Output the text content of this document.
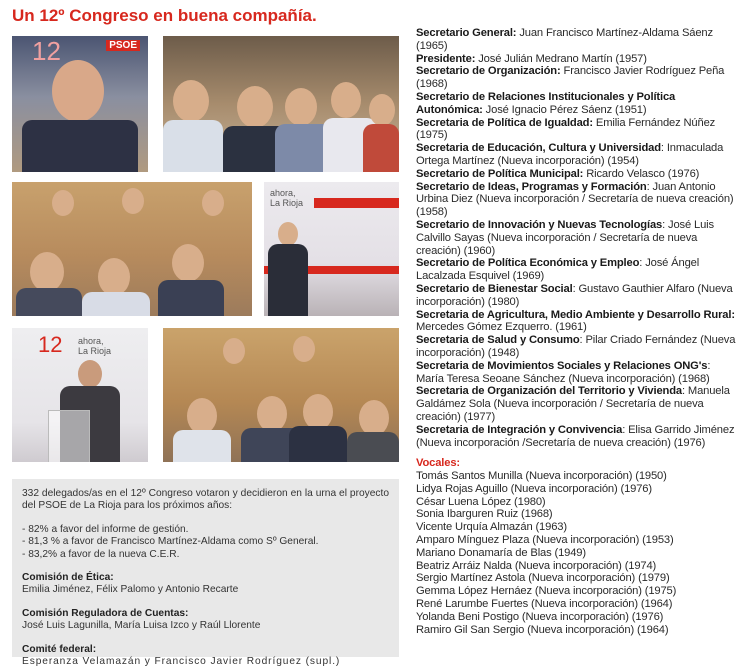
Un 12º Congreso en buena compañía.
12	PSOE
ahora,
La Rioja
12 ahora,
La Rioja

332 delegados/as en el 12º Congreso votaron y decidieron en la urna el proyecto del PSOE de La Rioja para los próximos años:

- 82% a favor del informe de gestión.
- 81,3 % a favor de Francisco Martínez-Aldama como Sº General.
- 83,2% a favor de la nueva C.E.R.
Comisión de Ética:
Emilia Jiménez, Félix Palomo y Antonio Recarte
Comisión Reguladora de Cuentas:
José Luis Lagunilla, María Luisa Izco y Raúl Llorente
Comité federal:
Esperanza Velamazán y Francisco Javier Rodríguez (supl.)

Secretario General: Juan Francisco Martínez-Aldama Sáenz (1965)

Presidente: José Julián Medrano Martín (1957)

Secretario de Organización: Francisco Javier Rodríguez Peña (1968)

Secretario de Relaciones Institucionales y Política Autonómica: José Ignacio Pérez Sáenz (1951)

Secretaria de Política de Igualdad: Emilia Fernández Núñez (1975)

Secretaria de Educación, Cultura y Universidad: Inmaculada Ortega Martínez (Nueva incorporación) (1954)

Secretario de Política Municipal: Ricardo Velasco (1976)

Secretario de Ideas, Programas y Formación: Juan Antonio Urbina Diez (Nueva incorporación / Secretaría de nueva creación) (1958)

Secretario de Innovación y Nuevas Tecnologías: José Luis Calvillo Sayas (Nueva incorporación / Secretaría de nueva creación) (1960)

Secretario de Política Económica y Empleo: José Ángel Lacalzada Esquivel (1969)

Secretario de Bienestar Social: Gustavo Gauthier Alfaro (Nueva incorporación) (1980)

Secretaria de Agricultura, Medio Ambiente y Desarrollo Rural: Mercedes Gómez Ezquerro. (1961)

Secretaria de Salud y Consumo: Pilar Criado Fernández (Nueva incorporación) (1948)

Secretaria de Movimientos Sociales y Relaciones ONG's: María Teresa Seoane Sánchez (Nueva incorporación) (1968)

Secretaria de Organización del Territorio y Vivienda: Manuela Galdámez Sola (Nueva incorporación / Secretaría de nueva creación) (1977)

Secretaria de Integración y Convivencia: Elisa Garrido Jiménez (Nueva incorporación /Secretaría de nueva creación) (1976)

Vocales:
Tomás Santos Munilla (Nueva incorporación) (1950)
Lidya Rojas Aguillo (Nueva incorporación) (1976)
César Luena López (1980)
Sonia Ibarguren Ruiz (1968)
Vicente Urquía Almazán (1963)
Amparo Mínguez Plaza (Nueva incorporación) (1953)
Mariano Donamaría de Blas (1949)
Beatriz Arráiz Nalda (Nueva incorporación) (1974)
Sergio Martínez Astola (Nueva incorporación) (1979)
Gemma López Hernáez (Nueva incorporación) (1975)
René Larumbe Fuertes (Nueva incorporación) (1964)
Yolanda Beni Postigo (Nueva incorporación) (1976)
Ramiro Gil San Sergio (Nueva incorporación) (1964)
